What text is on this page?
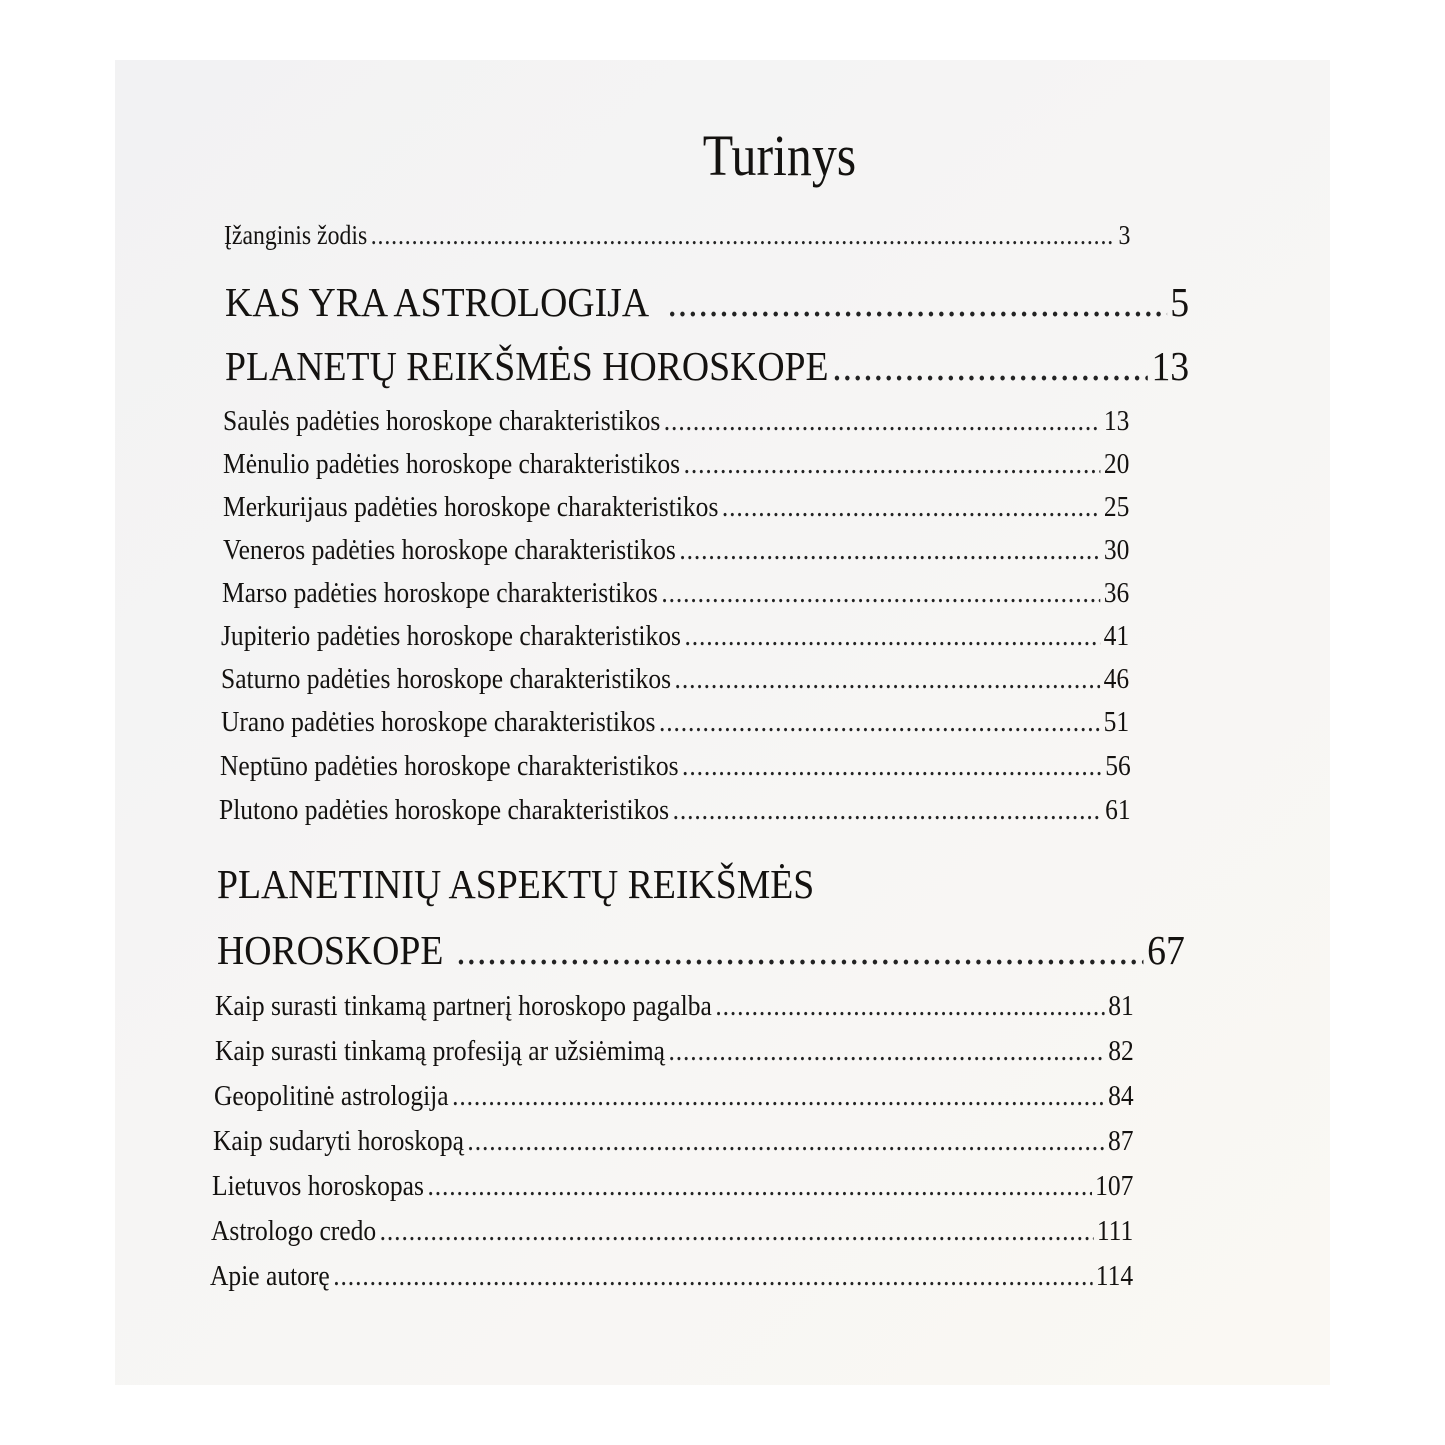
Turinys
Įžanginis žodis .....	3
KAS YRA ASTROLOGIJA .....	5
PLANETŲ REIKŠMĖS HOROSKOPE .....	13
Saulės padėties horoskope charakteristikos .....	13
Mėnulio padėties horoskope charakteristikos .....	20
Merkurijaus padėties horoskope charakteristikos .....	25
Veneros padėties horoskope charakteristikos .....	30
Marso padėties horoskope charakteristikos .....	36
Jupiterio padėties horoskope charakteristikos .....	41
Saturno padėties horoskope charakteristikos .....	46
Urano padėties horoskope charakteristikos .....	51
Neptūno padėties horoskope charakteristikos .....	56
Plutono padėties horoskope charakteristikos .....	61
PLANETINIŲ ASPEKTŲ REIKŠMĖS
HOROSKOPE .....	67
Kaip surasti tinkamą partnerį horoskopo pagalba .....	81
Kaip surasti tinkamą profesiją ar užsiėmimą .....	82
Geopolitinė astrologija .....	84
Kaip sudaryti horoskopą .....	87
Lietuvos horoskopas .....	107
Astrologo credo .....	111
Apie autorę .....	114
